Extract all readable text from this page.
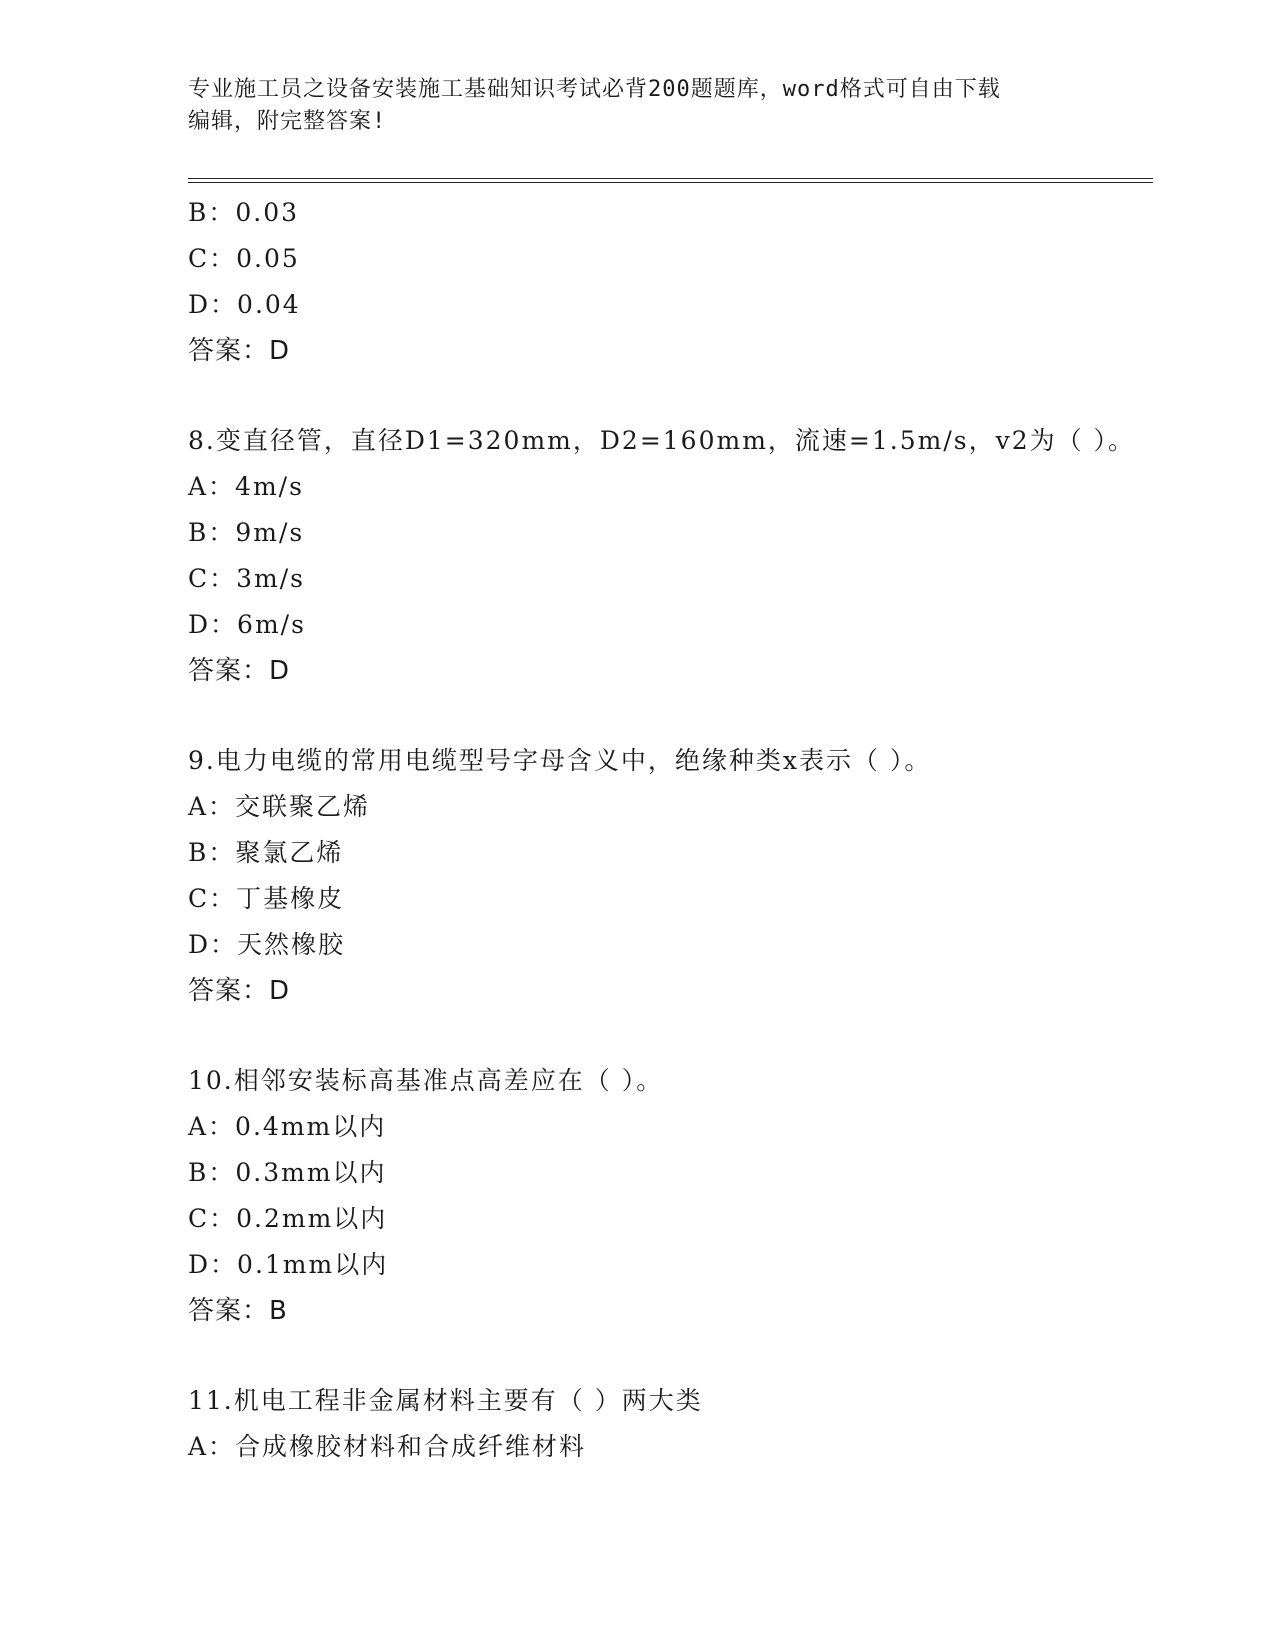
专业施工员之设备安装施工基础知识考试必背200题题库，word格式可自由下载
编辑，附完整答案!
B：0.03
C：0.05
D：0.04
答案：D
8.变直径管，直径D1=320mm，D2=160mm，流速=1.5m/s，v2为（ ）。
A：4m/s
B：9m/s
C：3m/s
D：6m/s
答案：D
9.电力电缆的常用电缆型号字母含义中，绝缘种类x表示（ ）。
A：交联聚乙烯
B：聚氯乙烯
C：丁基橡皮
D：天然橡胶
答案：D
10.相邻安装标高基准点高差应在（ ）。
A：0.4mm以内
B：0.3mm以内
C：0.2mm以内
D：0.1mm以内
答案：B
11.机电工程非金属材料主要有（ ）两大类
A：合成橡胶材料和合成纤维材料
